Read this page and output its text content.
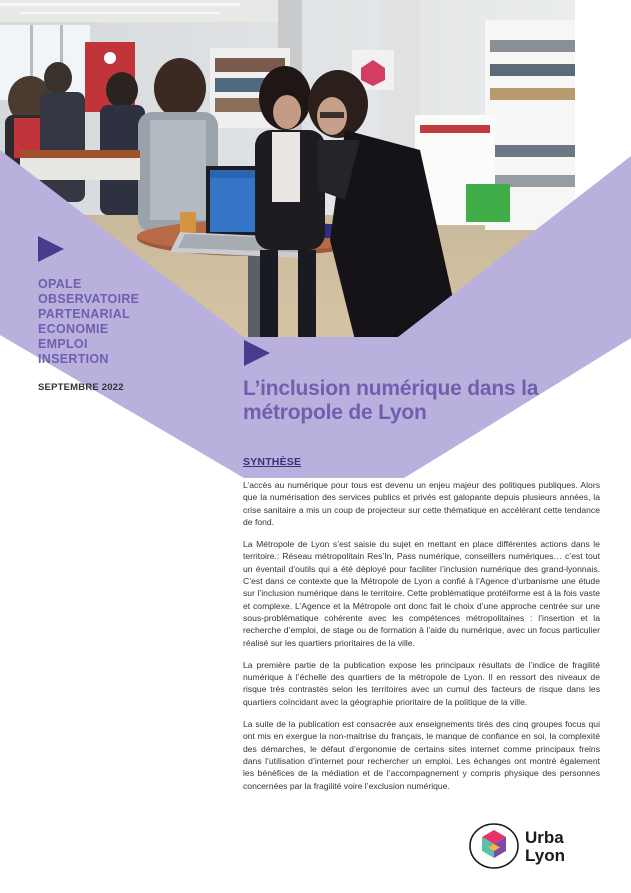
OPALE
OBSERVATOIRE
PARTENARIAL
ECONOMIE
EMPLOI
INSERTION
SEPTEMBRE 2022	L’inclusion numérique dans la
métropole de Lyon
SYNTHÈSE

L’accès au numérique pour tous est devenu un enjeu majeur des politiques publiques. Alors que la numérisation des services publics et privés est galopante depuis plusieurs années, la crise sanitaire a mis un coup de projecteur sur cette thématique en accélérant cette tendance de fond.

La Métropole de Lyon s’est saisie du sujet en mettant en place différentes actions dans le territoire.: Réseau métropolitain Res’In, Pass numérique, conseillers numériques… c’est tout un éventail d’outils qui a été déployé pour faciliter l’inclusion numérique des grand-lyonnais. C’est dans ce contexte que la Métropole de Lyon a confié à l’Agence d’urbanisme une étude sur l’inclusion numérique dans le territoire. Cette problématique protéiforme est à la fois vaste et complexe. L’Agence et la Métropole ont donc fait le choix d’une approche centrée sur une sous-problématique cohérente avec les compétences métropolitaines : l’insertion et la recherche d’emploi, de stage ou de formation à l’aide du numérique, avec un focus particulier réalisé sur les quartiers prioritaires de la ville.

La première partie de la publication expose les principaux résultats de l’indice de fragilité numérique à l’échelle des quartiers de la métropole de Lyon. Il en ressort des niveaux de risque très contrastés selon les territoires avec un cumul des facteurs de risque dans les quartiers coïncidant avec la géographie prioritaire de la politique de la ville.

La suite de la publication est consacrée aux enseignements tirés des cinq groupes focus qui ont mis en exergue la non-maitrise du français, le manque de confiance en soi, la complexité des démarches, le défaut d’ergonomie de certains sites internet comme principaux freins dans l’utilisation d’internet pour rechercher un emploi. Les échanges ont montré également les bénéfices de la médiation et de l’accompagnement y compris physique des personnes concernées par la fragilité voire l’exclusion numérique.

Urba
Lyon
